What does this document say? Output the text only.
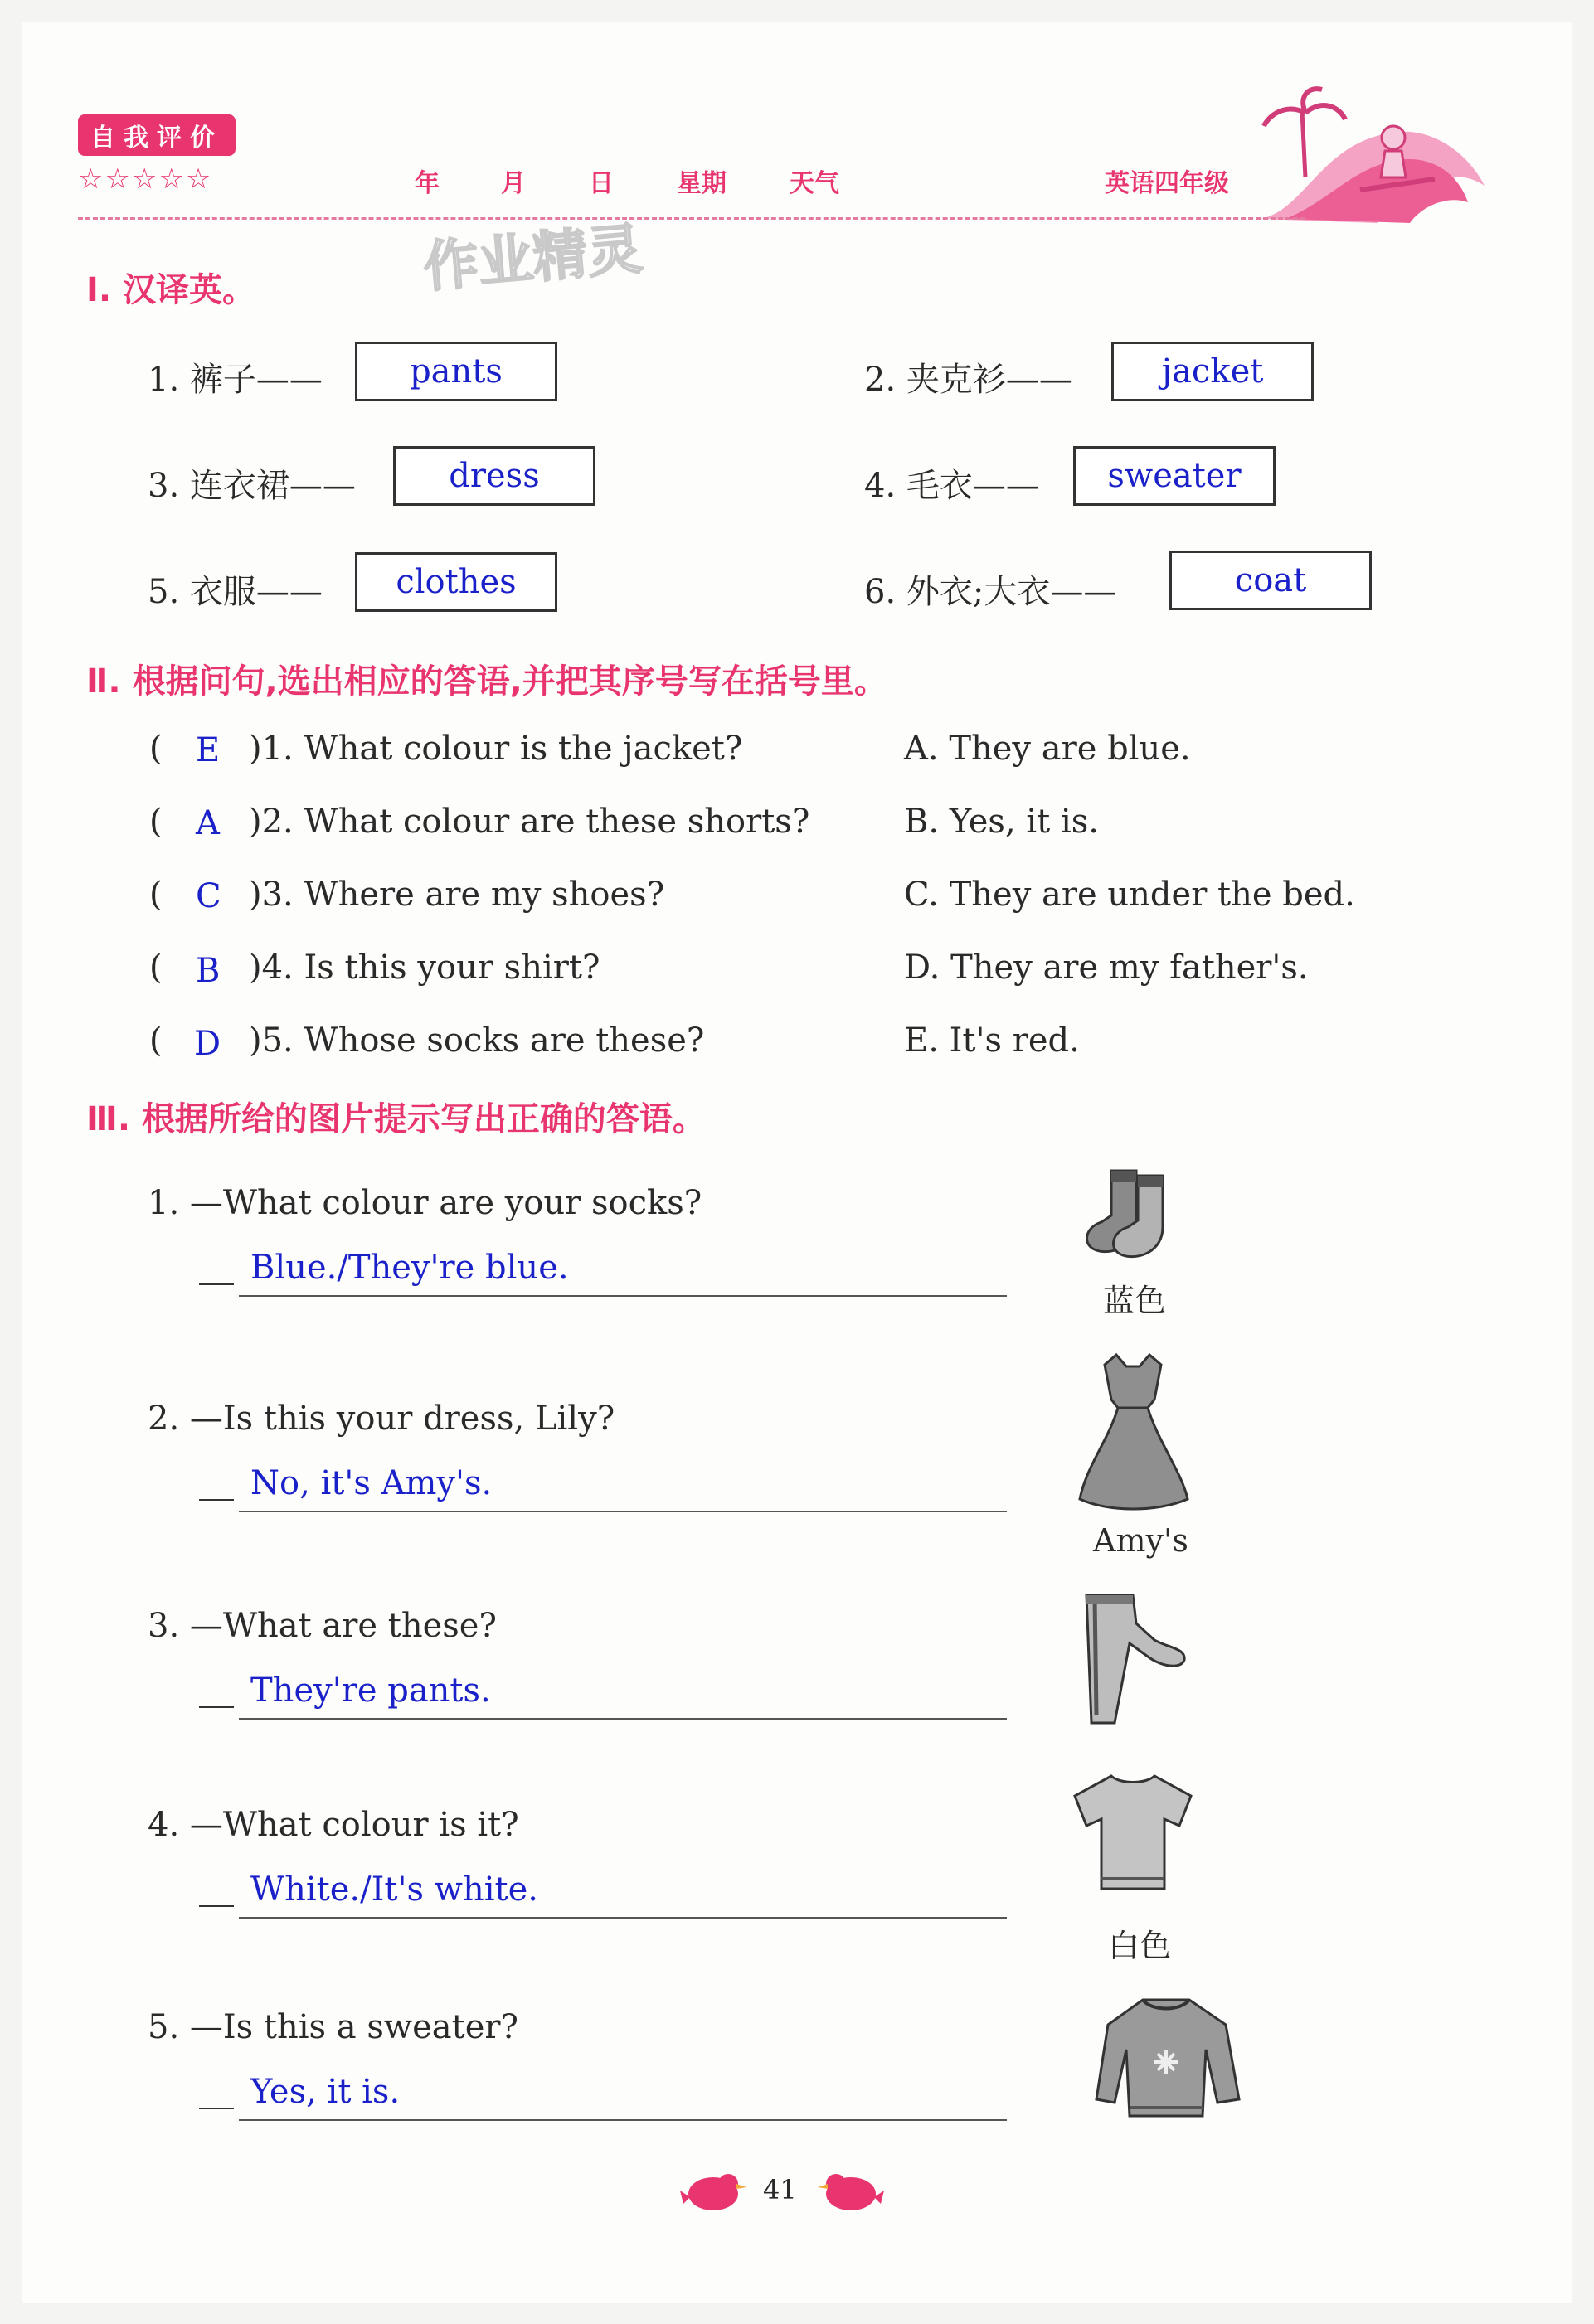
自我评价
☆☆☆☆☆	年 月	日	星期	天气	英语四年级
作业精灵
Ⅰ. 汉译英。
1. 裤子——	pants	2. 夹克衫——	jacket
3. 连衣裙——	dress	4. 毛衣——	sweater
5. 衣服——	clothes	6. 外衣;大衣——	coat
Ⅱ. 根据问句,选出相应的答语,并把其序号写在括号里。
( E )1. What colour is the jacket?
( A )2. What colour are these shorts?
( C )3. Where are my shoes?
( B )4. Is this your shirt?
( D )5. Whose socks are these?
A. They are blue.
B. Yes, it is.
C. They are under the bed.
D. They are my father's.
E. It's red.
Ⅲ. 根据所给的图片提示写出正确的答语。
1. —What colour are your socks?
Blue./They're blue.
蓝色
2. —Is this your dress, Lily?
No, it's Amy's.
Amy's
3. —What are these?
They're pants.
4. —What colour is it?
White./It's white.
白色
5. —Is this a sweater?
Yes, it is.
41
